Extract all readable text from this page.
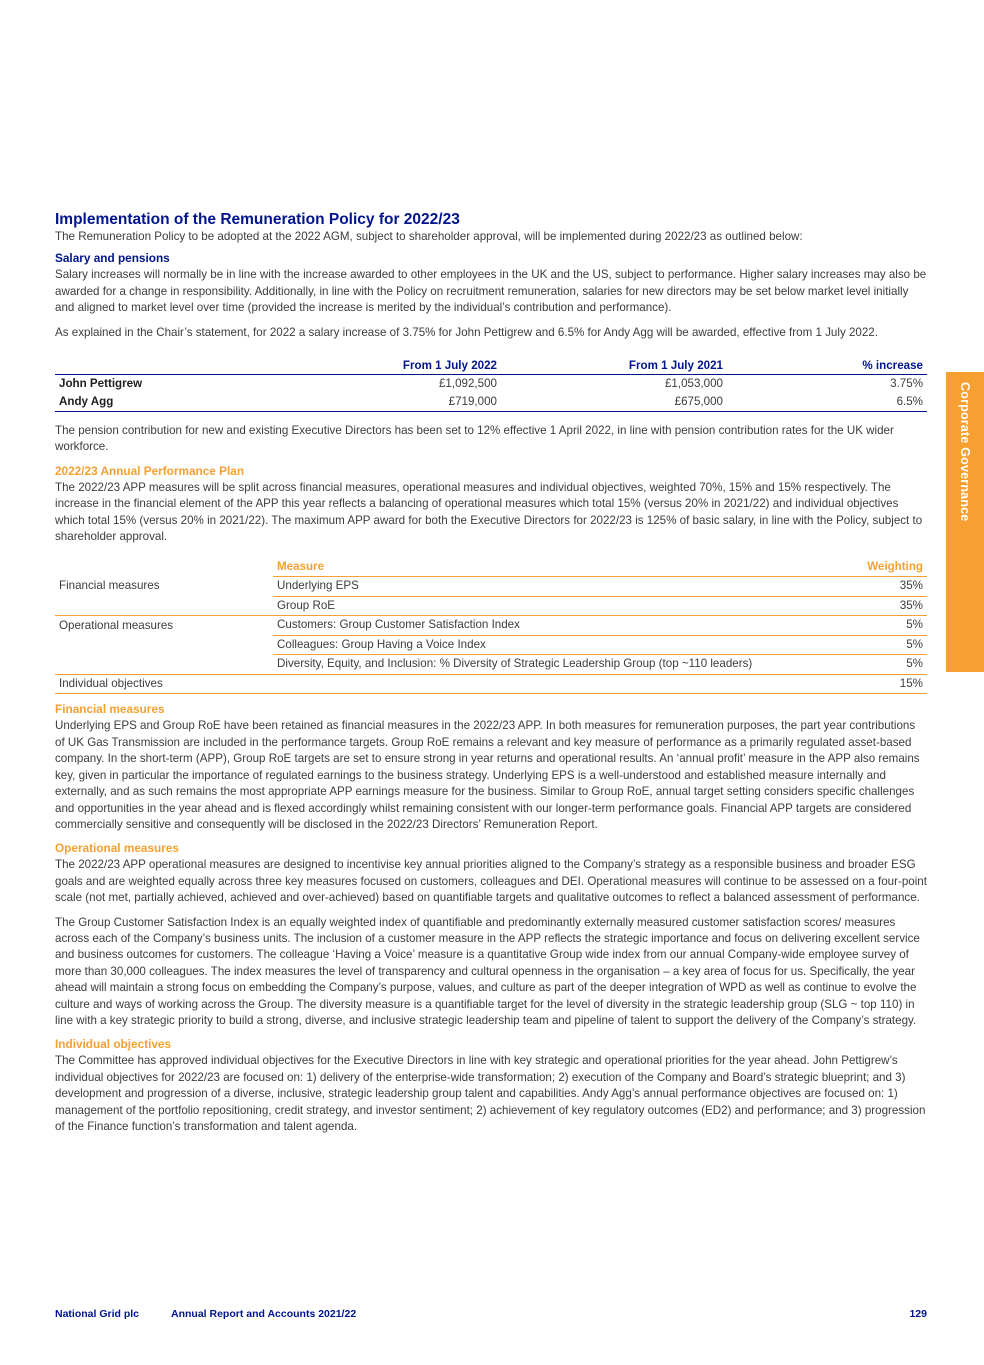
Corporate Governance
Implementation of the Remuneration Policy for 2022/23

The Remuneration Policy to be adopted at the 2022 AGM, subject to shareholder approval, will be implemented during 2022/23 as outlined below:

Salary and pensions

Salary increases will normally be in line with the increase awarded to other employees in the UK and the US, subject to performance. Higher salary increases may also be awarded for a change in responsibility. Additionally, in line with the Policy on recruitment remuneration, salaries for new directors may be set below market level initially and aligned to market level over time (provided the increase is merited by the individual’s contribution and performance).

As explained in the Chair’s statement, for 2022 a salary increase of 3.75% for John Pettigrew and 6.5% for Andy Agg will be awarded, effective from 1 July 2022.

	From 1 July 2022	From 1 July 2021	% increase
John Pettigrew	£1,092,500	£1,053,000	3.75%
Andy Agg	£719,000	£675,000	6.5%

The pension contribution for new and existing Executive Directors has been set to 12% effective 1 April 2022, in line with pension contribution rates for the UK wider workforce.

2022/23 Annual Performance Plan

The 2022/23 APP measures will be split across financial measures, operational measures and individual objectives, weighted 70%, 15% and 15% respectively. The increase in the financial element of the APP this year reflects a balancing of operational measures which total 15% (versus 20% in 2021/22) and individual objectives which total 15% (versus 20% in 2021/22). The maximum APP award for both the Executive Directors for 2022/23 is 125% of basic salary, in line with the Policy, subject to shareholder approval.

	Measure	Weighting
Financial measures	Underlying EPS	35%
	Group RoE	35%
Operational measures	Customers: Group Customer Satisfaction Index	5%
	Colleagues: Group Having a Voice Index	5%
	Diversity, Equity, and Inclusion: % Diversity of Strategic Leadership Group (top ~110 leaders)	5%
Individual objectives		15%
Financial measures

Underlying EPS and Group RoE have been retained as financial measures in the 2022/23 APP. In both measures for remuneration purposes, the part year contributions of UK Gas Transmission are included in the performance targets. Group RoE remains a relevant and key measure of performance as a primarily regulated asset-based company. In the short-term (APP), Group RoE targets are set to ensure strong in year returns and operational results. An ‘annual profit’ measure in the APP also remains key, given in particular the importance of regulated earnings to the business strategy. Underlying EPS is a well-understood and established measure internally and externally, and as such remains the most appropriate APP earnings measure for the business. Similar to Group RoE, annual target setting considers specific challenges and opportunities in the year ahead and is flexed accordingly whilst remaining consistent with our longer-term performance goals. Financial APP targets are considered commercially sensitive and consequently will be disclosed in the 2022/23 Directors’ Remuneration Report.

Operational measures

The 2022/23 APP operational measures are designed to incentivise key annual priorities aligned to the Company’s strategy as a responsible business and broader ESG goals and are weighted equally across three key measures focused on customers, colleagues and DEI. Operational measures will continue to be assessed on a four-point scale (not met, partially achieved, achieved and over-achieved) based on quantifiable targets and qualitative outcomes to reflect a balanced assessment of performance.

The Group Customer Satisfaction Index is an equally weighted index of quantifiable and predominantly externally measured customer satisfaction scores/ measures across each of the Company’s business units. The inclusion of a customer measure in the APP reflects the strategic importance and focus on delivering excellent service and business outcomes for customers. The colleague ‘Having a Voice’ measure is a quantitative Group wide index from our annual Company-wide employee survey of more than 30,000 colleagues. The index measures the level of transparency and cultural openness in the organisation – a key area of focus for us. Specifically, the year ahead will maintain a strong focus on embedding the Company’s purpose, values, and culture as part of the deeper integration of WPD as well as continue to evolve the culture and ways of working across the Group. The diversity measure is a quantifiable target for the level of diversity in the strategic leadership group (SLG ~ top 110) in line with a key strategic priority to build a strong, diverse, and inclusive strategic leadership team and pipeline of talent to support the delivery of the Company’s strategy.

Individual objectives

The Committee has approved individual objectives for the Executive Directors in line with key strategic and operational priorities for the year ahead. John Pettigrew’s individual objectives for 2022/23 are focused on: 1) delivery of the enterprise-wide transformation; 2) execution of the Company and Board’s strategic blueprint; and 3) development and progression of a diverse, inclusive, strategic leadership group talent and capabilities. Andy Agg’s annual performance objectives are focused on: 1) management of the portfolio repositioning, credit strategy, and investor sentiment; 2) achievement of key regulatory outcomes (ED2) and performance; and 3) progression of the Finance function’s transformation and talent agenda.

National Grid plc	Annual Report and Accounts 2021/22	129
